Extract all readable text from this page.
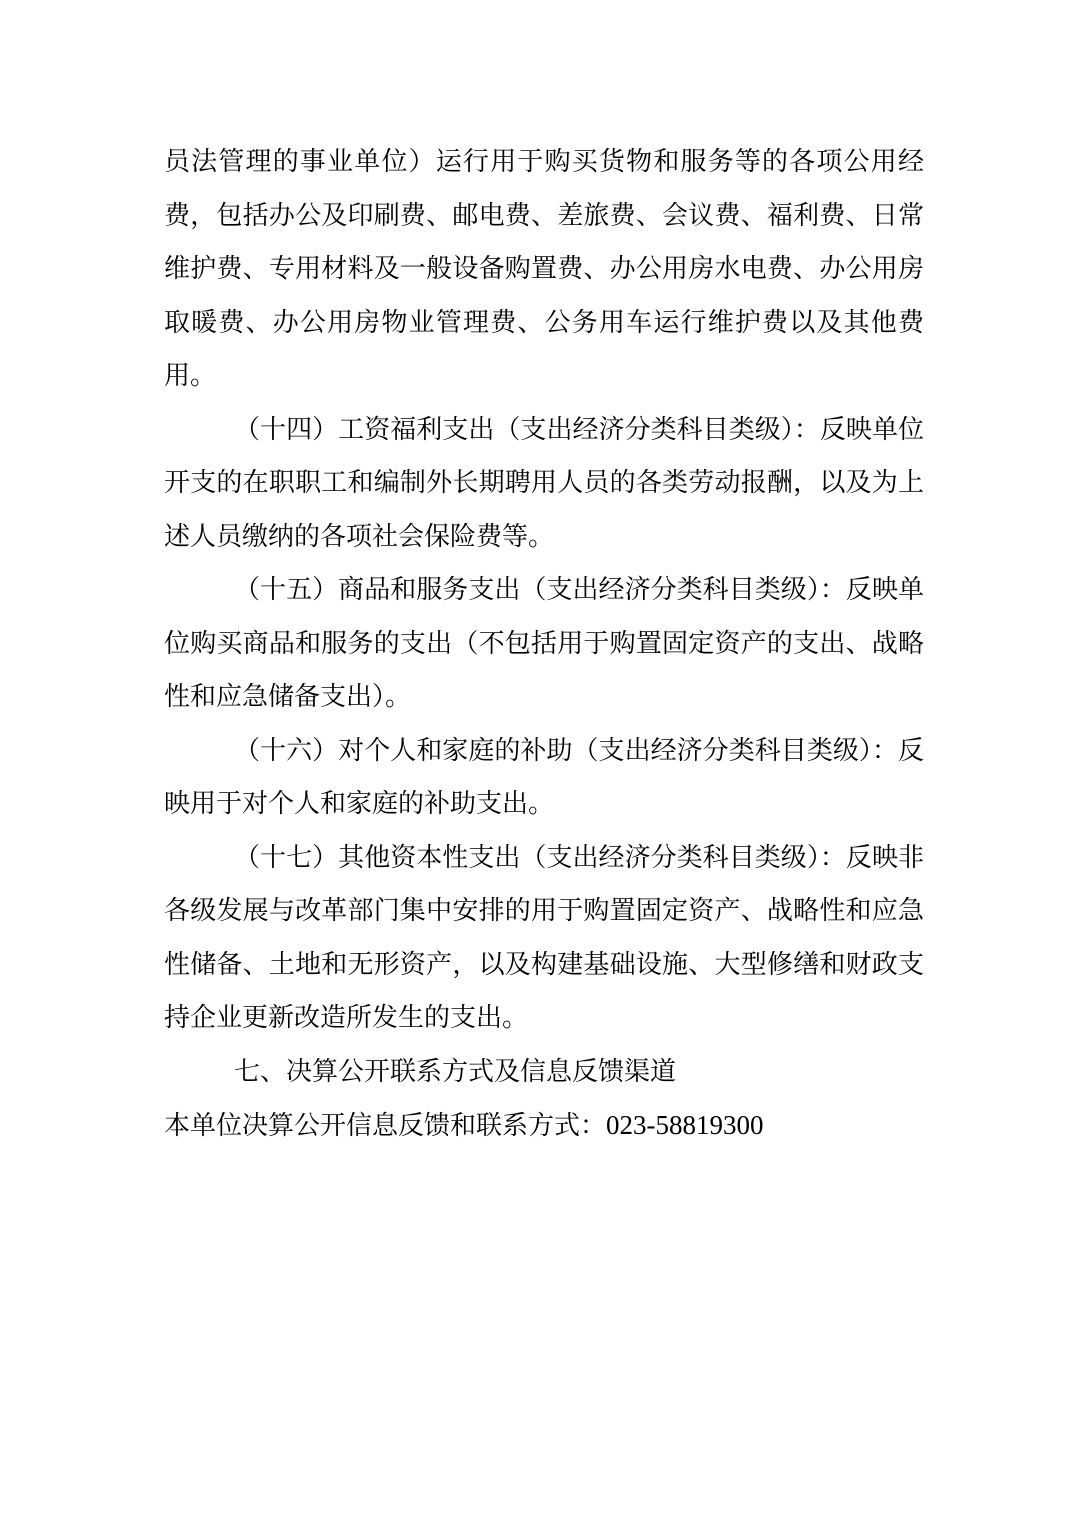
员法管理的事业单位）运行用于购买货物和服务等的各项公用经费，包括办公及印刷费、邮电费、差旅费、会议费、福利费、日常维护费、专用材料及一般设备购置费、办公用房水电费、办公用房取暖费、办公用房物业管理费、公务用车运行维护费以及其他费用。

（十四）工资福利支出（支出经济分类科目类级）：反映单位开支的在职职工和编制外长期聘用人员的各类劳动报酬，以及为上述人员缴纳的各项社会保险费等。

（十五）商品和服务支出（支出经济分类科目类级）：反映单位购买商品和服务的支出（不包括用于购置固定资产的支出、战略性和应急储备支出）。

（十六）对个人和家庭的补助（支出经济分类科目类级）：反映用于对个人和家庭的补助支出。

（十七）其他资本性支出（支出经济分类科目类级）：反映非各级发展与改革部门集中安排的用于购置固定资产、战略性和应急性储备、土地和无形资产，以及构建基础设施、大型修缮和财政支持企业更新改造所发生的支出。

七、决算公开联系方式及信息反馈渠道

本单位决算公开信息反馈和联系方式：023-58819300
